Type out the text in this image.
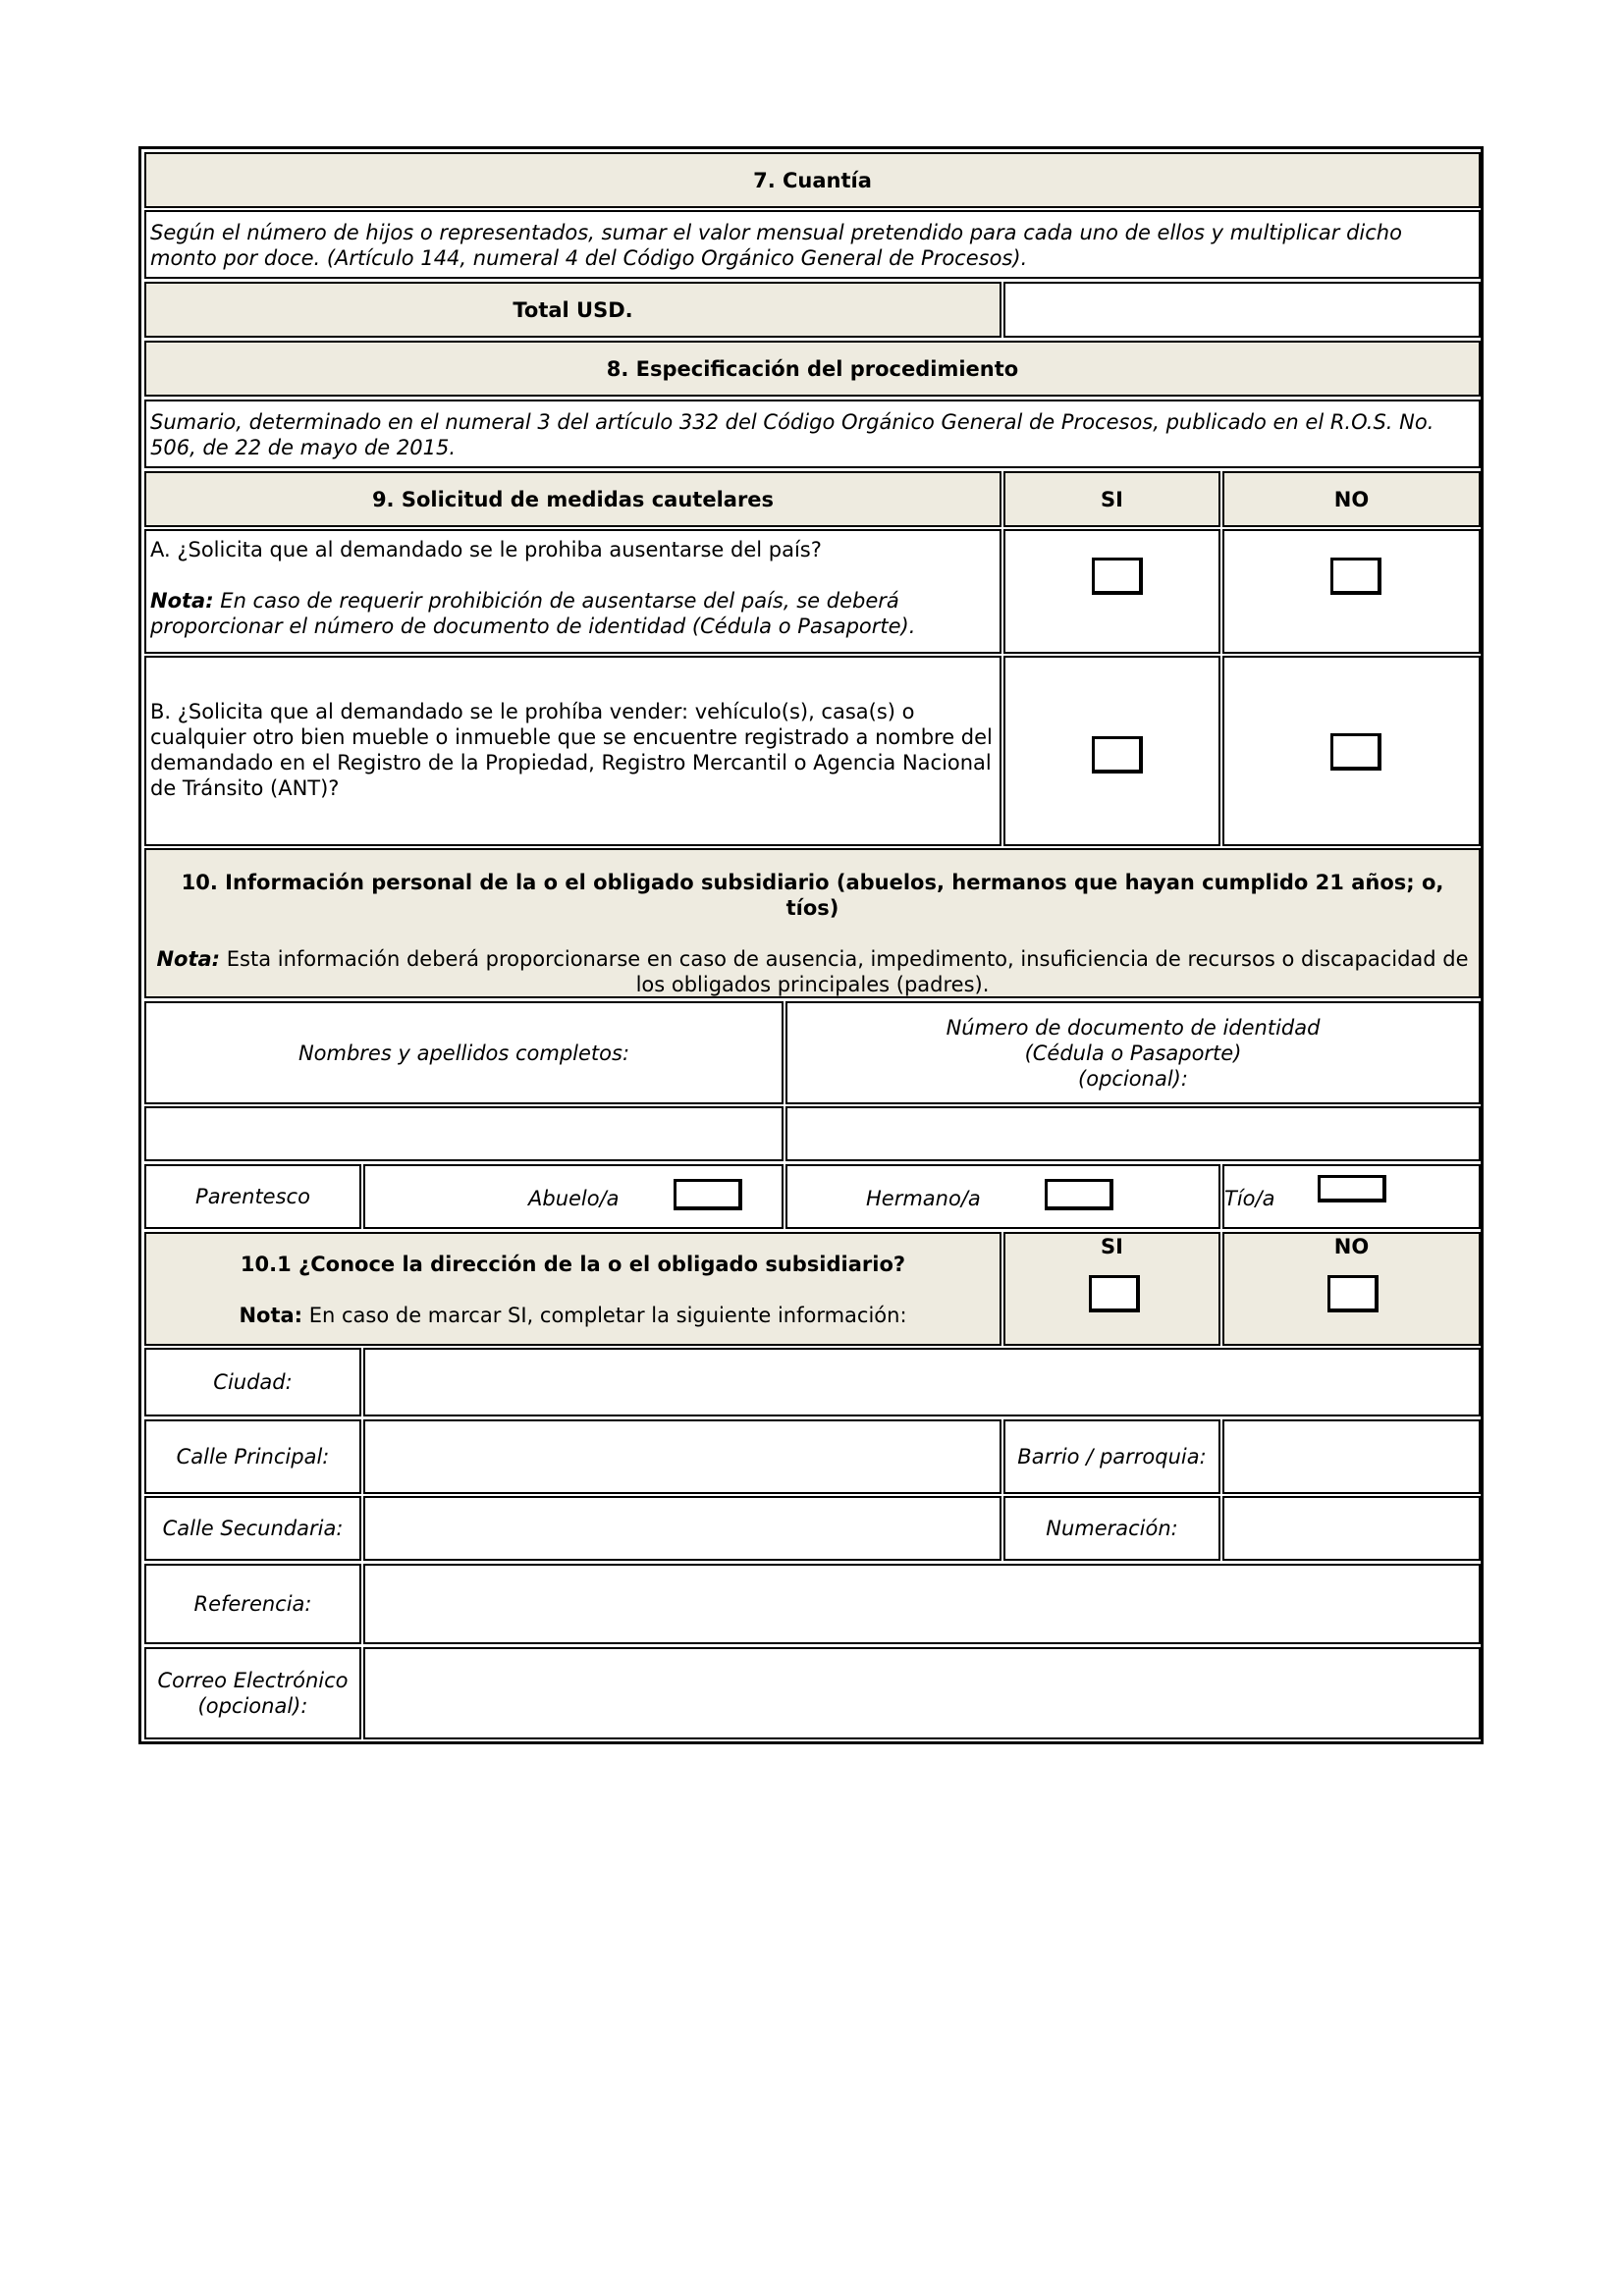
7. Cuantía
Según el número de hijos o representados, sumar el valor mensual pretendido para cada uno de ellos y multiplicar dicho monto por doce. (Artículo 144, numeral 4 del Código Orgánico General de Procesos).
Total USD.
8. Especificación del procedimiento
Sumario, determinado en el numeral 3 del artículo 332 del Código Orgánico General de Procesos, publicado en el R.O.S. No. 506, de 22 de mayo de 2015.
9. Solicitud de medidas cautelares	SI	NO

A. ¿Solicita que al demandado se le prohiba ausentarse del país?

Nota: En caso de requerir prohibición de ausentarse del país, se deberá proporcionar el número de documento de identidad (Cédula o Pasaporte).

B. ¿Solicita que al demandado se le prohíba vender: vehículo(s), casa(s) o cualquier otro bien mueble o inmueble que se encuentre registrado a nombre del demandado en el Registro de la Propiedad, Registro Mercantil o Agencia Nacional de Tránsito (ANT)?

10. Información personal de la o el obligado subsidiario (abuelos, hermanos que hayan cumplido 21 años; o, tíos)

Nota: Esta información deberá proporcionarse en caso de ausencia, impedimento, insuficiencia de recursos o discapacidad de los obligados principales (padres).

Nombres y apellidos completos:
Número de documento de identidad
(Cédula o Pasaporte)
(opcional):
Parentesco	Abuelo/a	Hermano/a	Tío/a

10.1 ¿Conoce la dirección de la o el obligado subsidiario?

Nota: En caso de marcar SI, completar la siguiente información:

SI	NO
Ciudad:
Calle Principal:	Barrio / parroquia:
Calle Secundaria:	Numeración:
Referencia:
Correo Electrónico
(opcional):
